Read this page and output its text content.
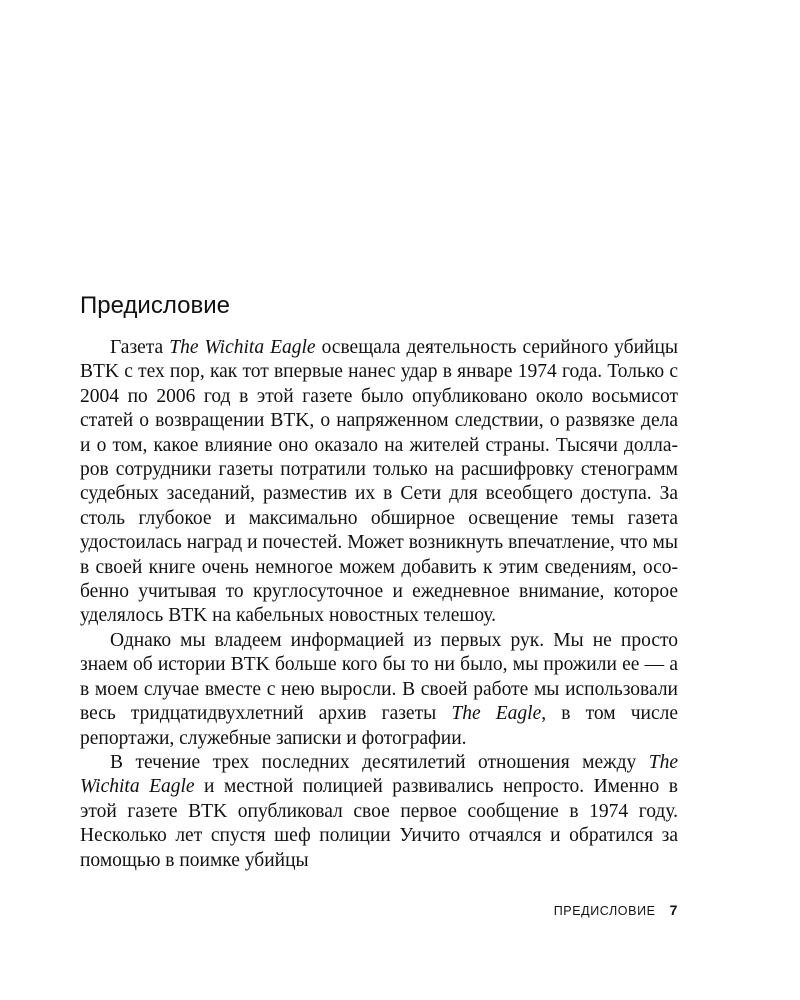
Предисловие

Газета The Wichita Eagle освещала деятельность серийного убийцы BTK с тех пор, как тот впервые нанес удар в январе 1974 года. Только с 2004 по 2006 год в этой газете было опубликовано около восьмисот статей о возвращении BTK, о напряженном следствии, о развязке дела и о том, какое влияние оно оказало на жителей страны. Тысячи долларов сотрудники газеты потратили только на расшифровку стенограмм судебных заседаний, разместив их в Сети для всеобщего доступа. За столь глубокое и максимально обширное освещение темы газета удостоилась наград и почестей. Может возникнуть впечатление, что мы в своей книге очень немногое можем добавить к этим сведениям, особенно учитывая то круглосуточное и ежедневное внимание, которое уделялось BTK на кабельных новостных телешоу.

Однако мы владеем информацией из первых рук. Мы не просто знаем об истории BTK больше кого бы то ни было, мы прожили ее — а в моем случае вместе с нею выросли. В своей работе мы использовали весь тридцатидвухлетний архив газеты The Eagle, в том числе репортажи, служебные записки и фотографии.

В течение трех последних десятилетий отношения между The Wichita Eagle и местной полицией развивались непросто. Именно в этой газете BTK опубликовал свое первое сообщение в 1974 году. Несколько лет спустя шеф полиции Уичито отчаялся и обратился за помощью в поимке убийцы

ПРЕДИСЛОВИЕ 7
